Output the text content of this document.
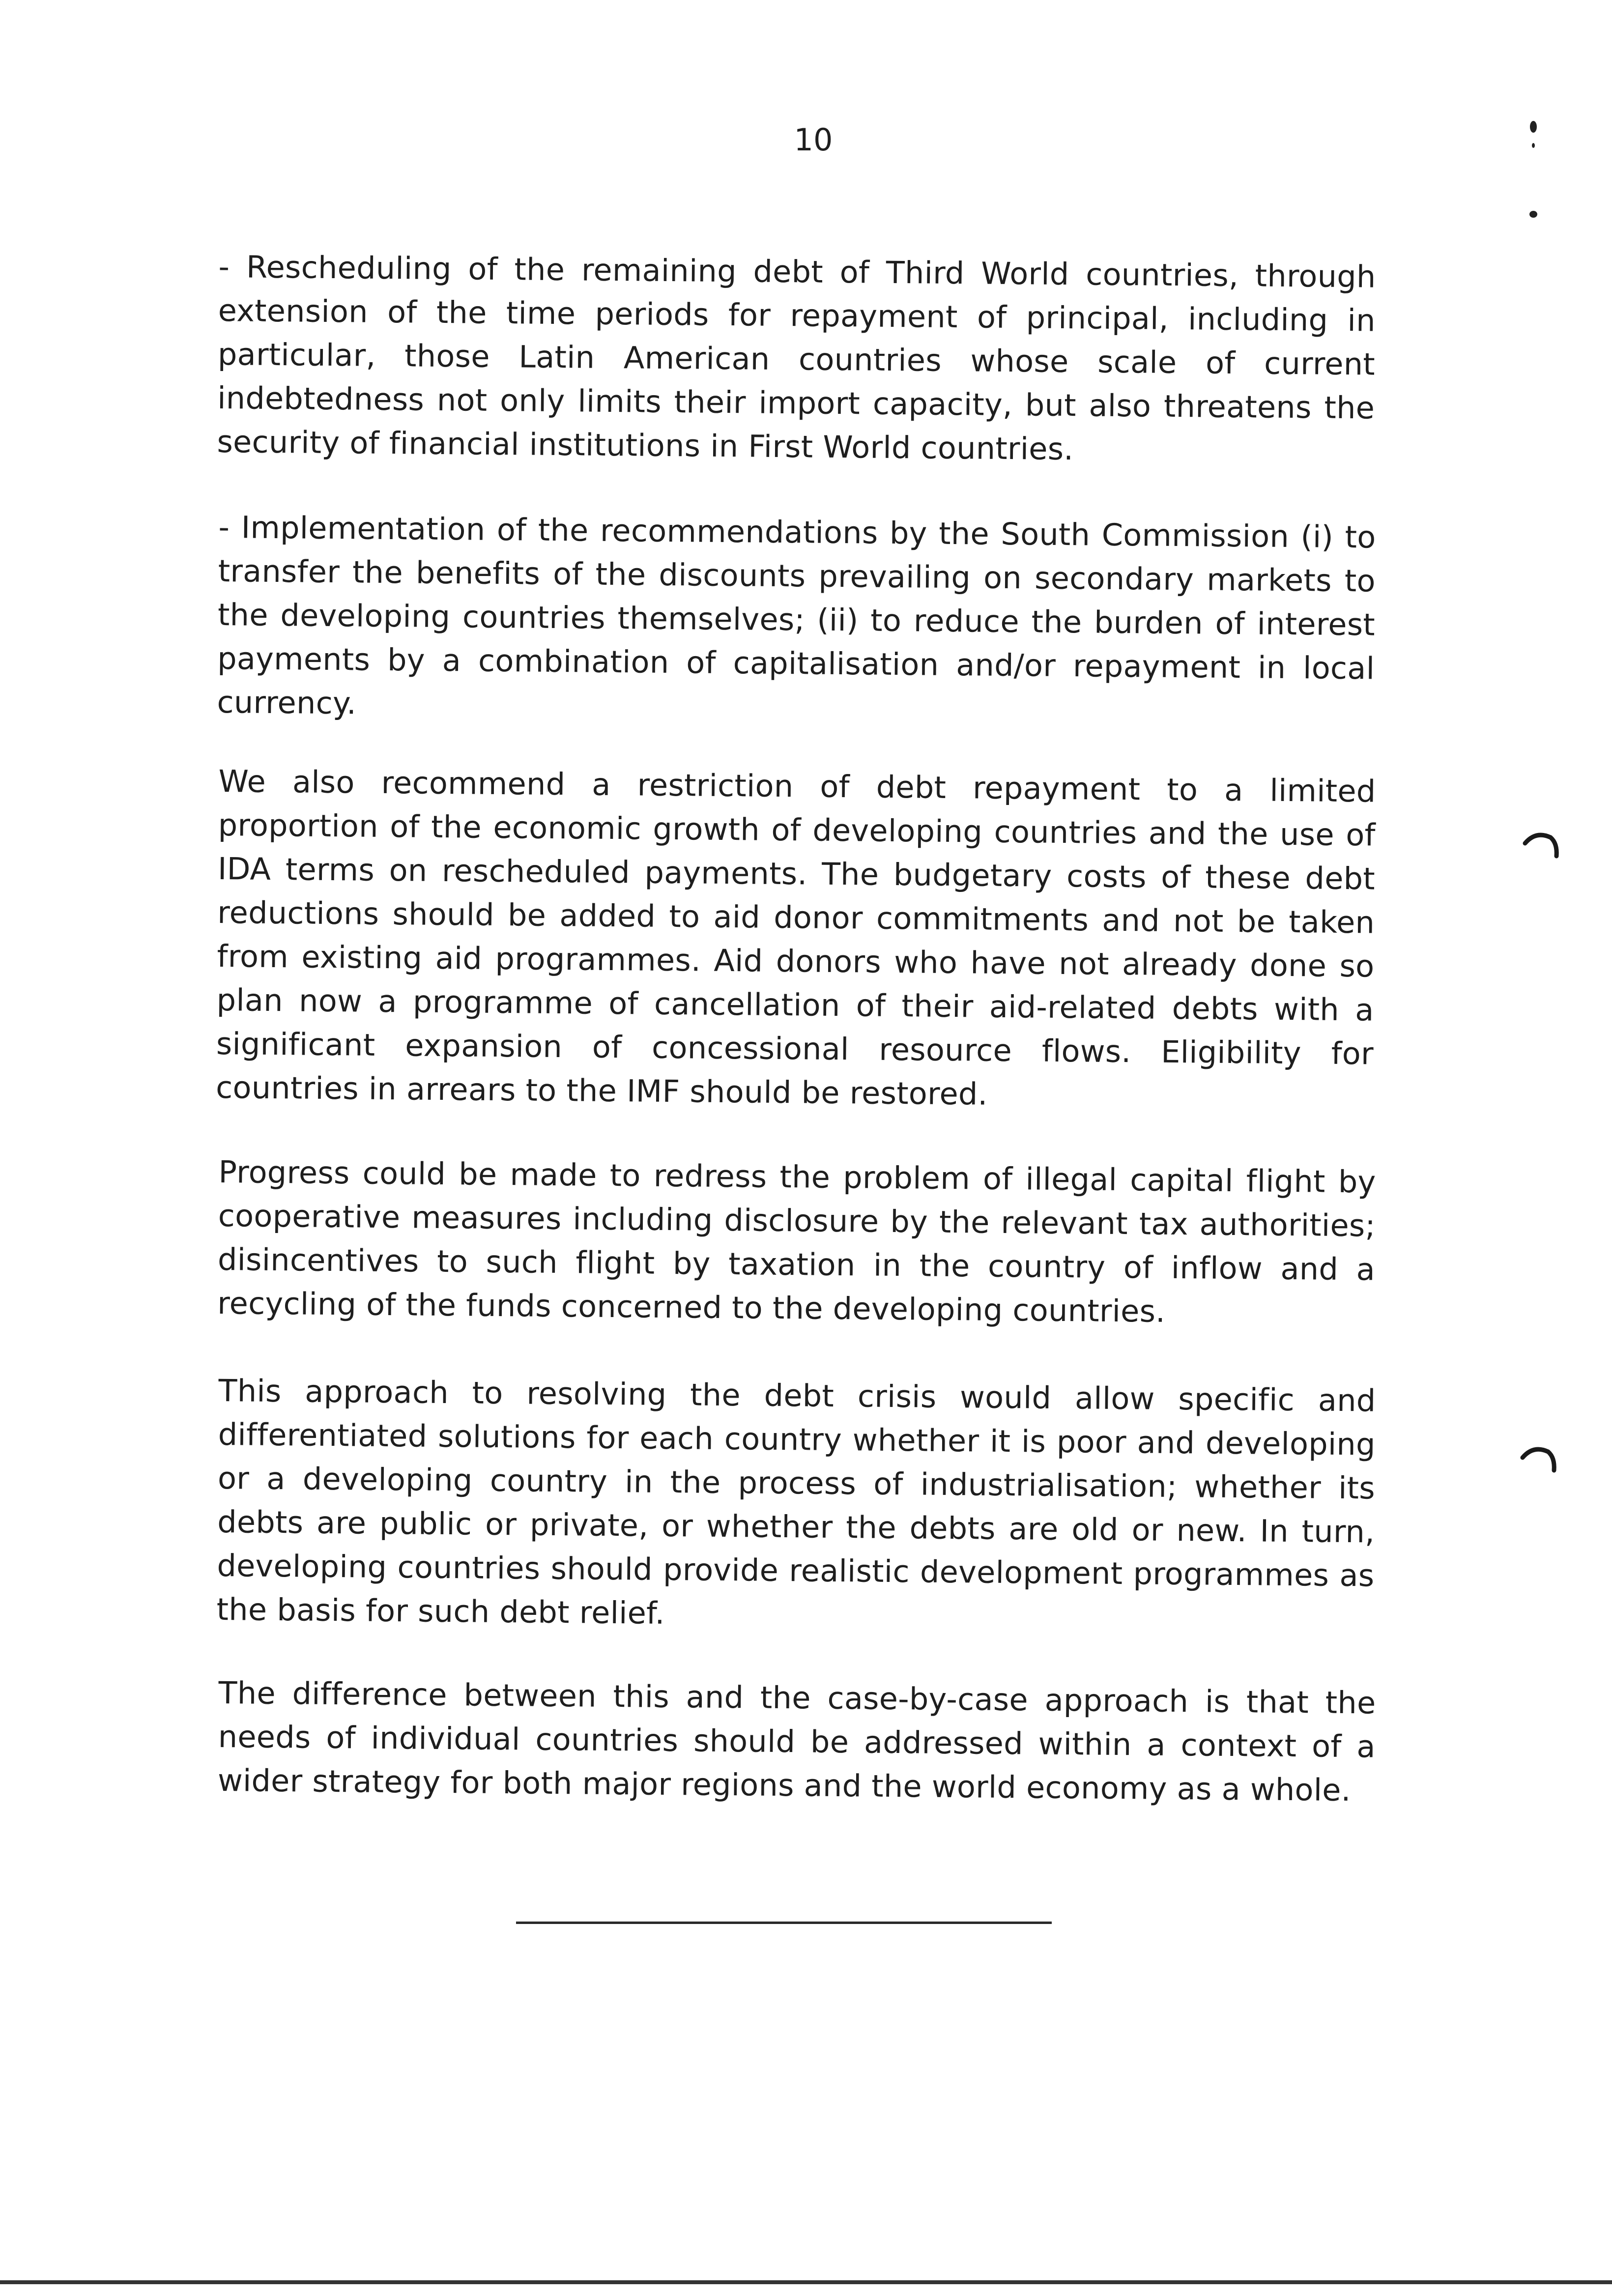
10

- Rescheduling of the remaining debt of Third World countries, through extension of the time periods for repayment of principal, including in particular, those Latin American countries whose scale of current indebtedness not only limits their import capacity, but also threatens the security of financial institutions in First World countries.

- Implementation of the recommendations by the South Commission (i) to transfer the benefits of the discounts prevailing on secondary markets to the developing countries themselves; (ii) to reduce the burden of interest payments by a combination of capitalisation and/or repayment in local currency.

We also recommend a restriction of debt repayment to a limited proportion of the economic growth of developing countries and the use of IDA terms on rescheduled payments. The budgetary costs of these debt reductions should be added to aid donor commitments and not be taken from existing aid programmes. Aid donors who have not already done so plan now a programme of cancellation of their aid-related debts with a significant expansion of concessional resource flows. Eligibility for countries in arrears to the IMF should be restored.

Progress could be made to redress the problem of illegal capital flight by cooperative measures including disclosure by the relevant tax authorities; disincentives to such flight by taxation in the country of inflow and a recycling of the funds concerned to the developing countries.

This approach to resolving the debt crisis would allow specific and differentiated solutions for each country whether it is poor and developing or a developing country in the process of industrialisation; whether its debts are public or private, or whether the debts are old or new. In turn, developing countries should provide realistic development programmes as the basis for such debt relief.

The difference between this and the case-by-case approach is that the needs of individual countries should be addressed within a context of a wider strategy for both major regions and the world economy as a whole.
